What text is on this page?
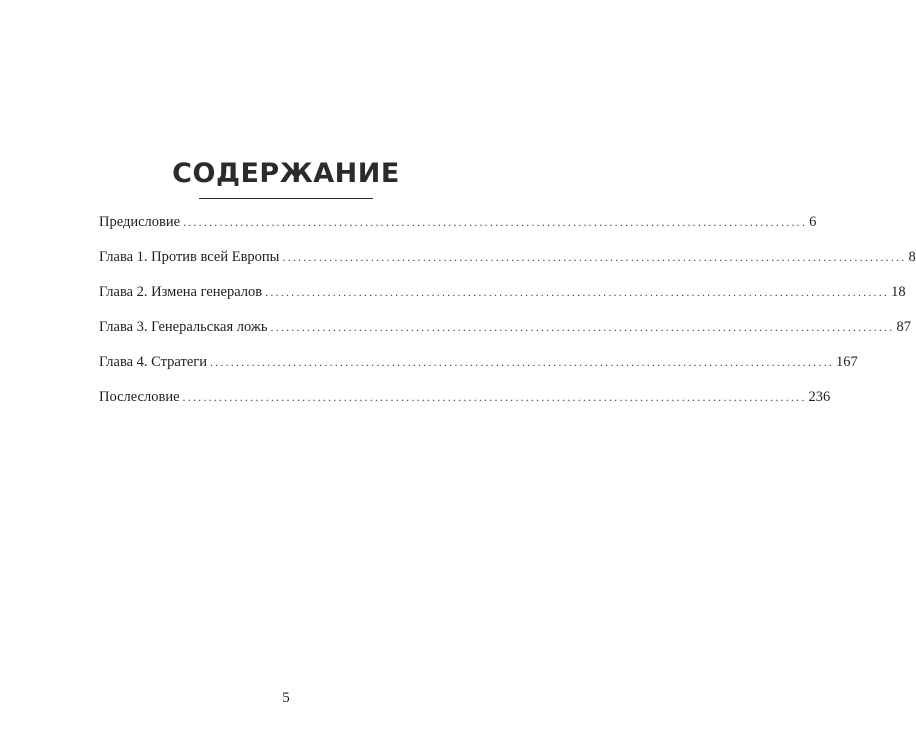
СОДЕРЖАНИЕ
Предисловие ........................................................................................................................ 6
Глава 1. Против всей Европы ........................................................................................................................ 8
Глава 2. Измена генералов ........................................................................................................................ 18
Глава 3. Генеральская ложь ........................................................................................................................ 87
Глава 4. Стратеги ........................................................................................................................ 167
Послесловие ........................................................................................................................ 236
5
